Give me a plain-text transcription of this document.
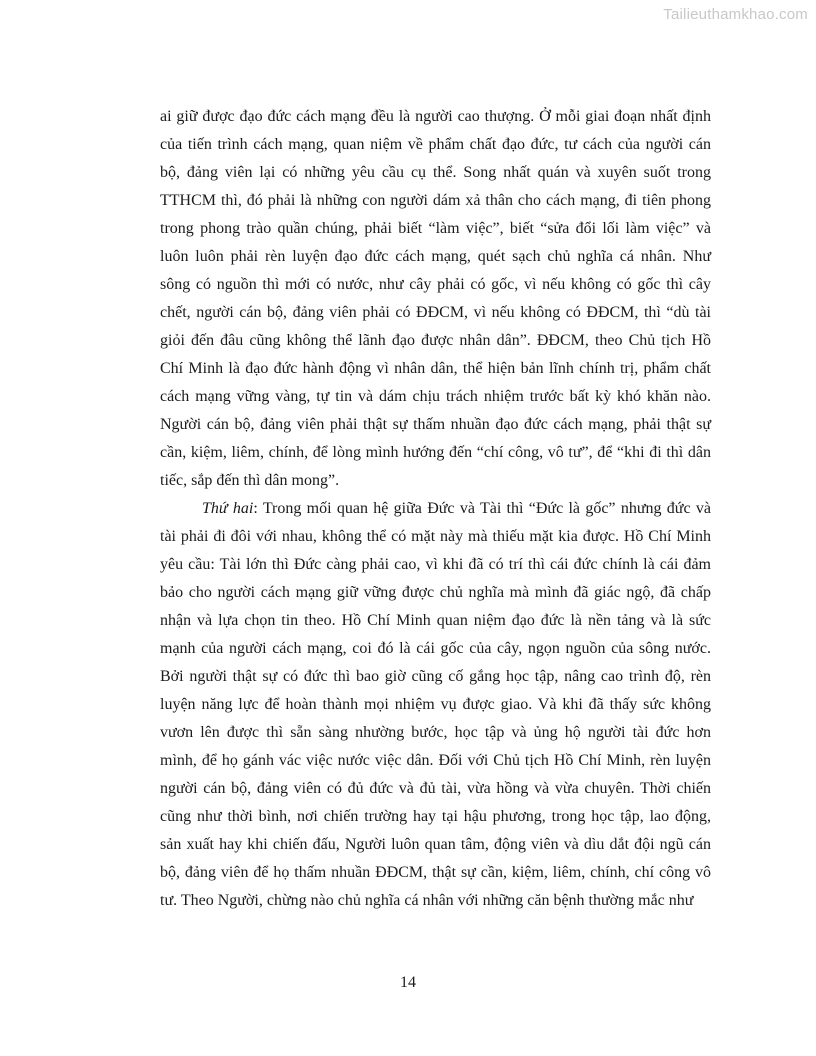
Tailieuthamkhao.com
ai giữ được đạo đức cách mạng đều là người cao thượng. Ở mỗi giai đoạn nhất định
của tiến trình cách mạng, quan niệm về phẩm chất đạo đức, tư cách của người cán
bộ, đảng viên lại có những yêu cầu cụ thể. Song nhất quán và xuyên suốt trong
TTHCM thì, đó phải là những con người dám xả thân cho cách mạng, đi tiên phong
trong phong trào quần chúng, phải biết “làm việc”, biết “sửa đổi lối làm việc” và
luôn luôn phải rèn luyện đạo đức cách mạng, quét sạch chủ nghĩa cá nhân. Như
sông có nguồn thì mới có nước, như cây phải có gốc, vì nếu không có gốc thì cây
chết, người cán bộ, đảng viên phải có ĐĐCM, vì nếu không có ĐĐCM, thì “dù tài
giỏi đến đâu cũng không thể lãnh đạo được nhân dân”. ĐĐCM, theo Chủ tịch Hồ
Chí Minh là đạo đức hành động vì nhân dân, thể hiện bản lĩnh chính trị, phẩm chất
cách mạng vững vàng, tự tin và dám chịu trách nhiệm trước bất kỳ khó khăn nào.
Người cán bộ, đảng viên phải thật sự thấm nhuần đạo đức cách mạng, phải thật sự
cần, kiệm, liêm, chính, để lòng mình hướng đến “chí công, vô tư”, để “khi đi thì dân
tiếc, sắp đến thì dân mong”.
Thứ hai: Trong mối quan hệ giữa Đức và Tài thì “Đức là gốc” nhưng đức và
tài phải đi đôi với nhau, không thể có mặt này mà thiếu mặt kia được. Hồ Chí Minh
yêu cầu: Tài lớn thì Đức càng phải cao, vì khi đã có trí thì cái đức chính là cái đảm
bảo cho người cách mạng giữ vững được chủ nghĩa mà mình đã giác ngộ, đã chấp
nhận và lựa chọn tin theo. Hồ Chí Minh quan niệm đạo đức là nền tảng và là sức
mạnh của người cách mạng, coi đó là cái gốc của cây, ngọn nguồn của sông nước.
Bởi người thật sự có đức thì bao giờ cũng cố gắng học tập, nâng cao trình độ, rèn
luyện năng lực để hoàn thành mọi nhiệm vụ được giao. Và khi đã thấy sức không
vươn lên được thì sẵn sàng nhường bước, học tập và ủng hộ người tài đức hơn
mình, để họ gánh vác việc nước việc dân. Đối với Chủ tịch Hồ Chí Minh, rèn luyện
người cán bộ, đảng viên có đủ đức và đủ tài, vừa hồng và vừa chuyên. Thời chiến
cũng như thời bình, nơi chiến trường hay tại hậu phương, trong học tập, lao động,
sản xuất hay khi chiến đấu, Người luôn quan tâm, động viên và dìu dắt đội ngũ cán
bộ, đảng viên để họ thấm nhuần ĐĐCM, thật sự cần, kiệm, liêm, chính, chí công vô
tư. Theo Người, chừng nào chủ nghĩa cá nhân với những căn bệnh thường mắc như
14
